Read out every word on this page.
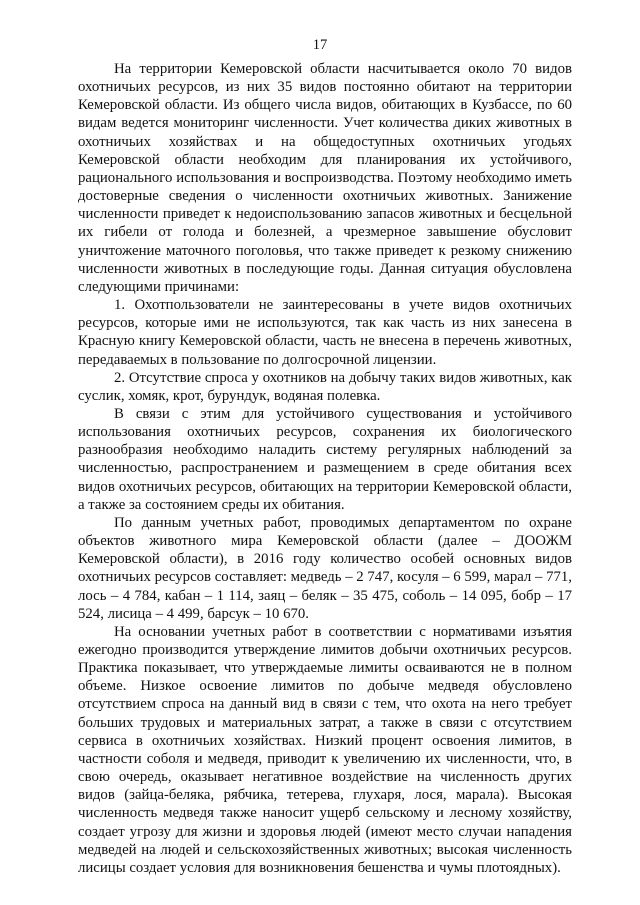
17

На территории Кемеровской области насчитывается около 70 видов охотничьих ресурсов, из них 35 видов постоянно обитают на территории Кемеровской области. Из общего числа видов, обитающих в Кузбассе, по 60 видам ведется мониторинг численности. Учет количества диких животных в охотничьих хозяйствах и на общедоступных охотничьих угодьях Кемеровской области необходим для планирования их устойчивого, рационального использования и воспроизводства. Поэтому необходимо иметь достоверные сведения о численности охотничьих животных. Занижение численности приведет к недоиспользованию запасов животных и бесцельной их гибели от голода и болезней, а чрезмерное завышение обусловит уничтожение маточного поголовья, что также приведет к резкому снижению численности животных в последующие годы. Данная ситуация обусловлена следующими причинами:

1. Охотпользователи не заинтересованы в учете видов охотничьих ресурсов, которые ими не используются, так как часть из них занесена в Красную книгу Кемеровской области, часть не внесена в перечень животных, передаваемых в пользование по долгосрочной лицензии.

2. Отсутствие спроса у охотников на добычу таких видов животных, как суслик, хомяк, крот, бурундук, водяная полевка.

В связи с этим для устойчивого существования и устойчивого использования охотничьих ресурсов, сохранения их биологического разнообразия необходимо наладить систему регулярных наблюдений за численностью, распространением и размещением в среде обитания всех видов охотничьих ресурсов, обитающих на территории Кемеровской области, а также за состоянием среды их обитания.

По данным учетных работ, проводимых департаментом по охране объектов животного мира Кемеровской области (далее – ДООЖМ Кемеровской области), в 2016 году количество особей основных видов охотничьих ресурсов составляет: медведь – 2 747, косуля – 6 599, марал – 771, лось – 4 784, кабан – 1 114, заяц – беляк – 35 475, соболь – 14 095, бобр – 17 524, лисица – 4 499, барсук – 10 670.

На основании учетных работ в соответствии с нормативами изъятия ежегодно производится утверждение лимитов добычи охотничьих ресурсов. Практика показывает, что утверждаемые лимиты осваиваются не в полном объеме. Низкое освоение лимитов по добыче медведя обусловлено отсутствием спроса на данный вид в связи с тем, что охота на него требует больших трудовых и материальных затрат, а также в связи с отсутствием сервиса в охотничьих хозяйствах. Низкий процент освоения лимитов, в частности соболя и медведя, приводит к увеличению их численности, что, в свою очередь, оказывает негативное воздействие на численность других видов (зайца-беляка, рябчика, тетерева, глухаря, лося, марала). Высокая численность медведя также наносит ущерб сельскому и лесному хозяйству, создает угрозу для жизни и здоровья людей (имеют место случаи нападения медведей на людей и сельскохозяйственных животных; высокая численность лисицы создает условия для возникновения бешенства и чумы плотоядных).
